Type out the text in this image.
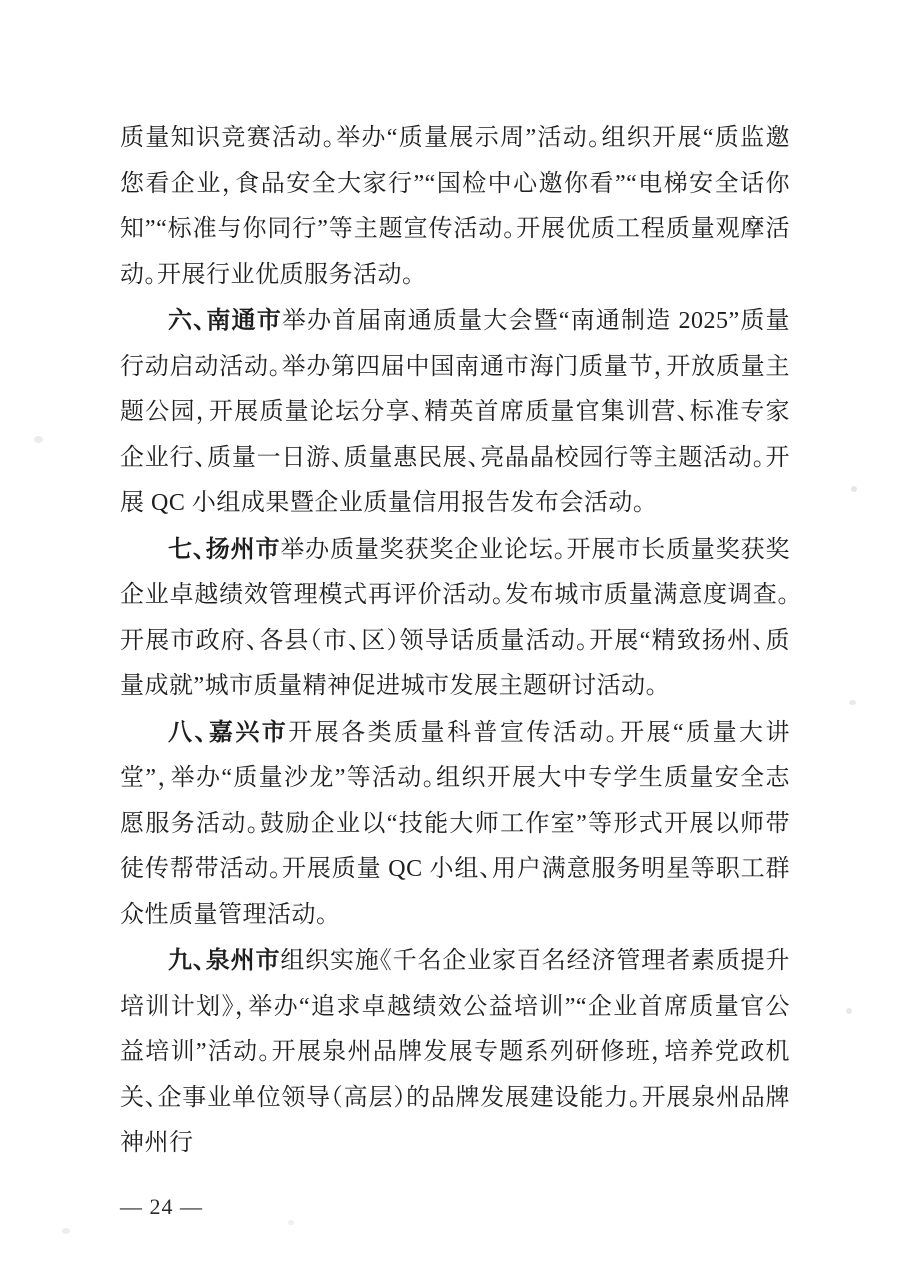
质量知识竞赛活动。举办“质量展示周”活动。组织开展“质监邀您看企业，食品安全大家行”“国检中心邀你看”“电梯安全话你知”“标准与你同行”等主题宣传活动。开展优质工程质量观摩活动。开展行业优质服务活动。

六、南通市举办首届南通质量大会暨“南通制造 2025”质量行动启动活动。举办第四届中国南通市海门质量节，开放质量主题公园，开展质量论坛分享、精英首席质量官集训营、标准专家企业行、质量一日游、质量惠民展、亮晶晶校园行等主题活动。开展 QC 小组成果暨企业质量信用报告发布会活动。

七、扬州市举办质量奖获奖企业论坛。开展市长质量奖获奖企业卓越绩效管理模式再评价活动。发布城市质量满意度调查。开展市政府、各县（市、区）领导话质量活动。开展“精致扬州、质量成就”城市质量精神促进城市发展主题研讨活动。

八、嘉兴市开展各类质量科普宣传活动。开展“质量大讲堂”，举办“质量沙龙”等活动。组织开展大中专学生质量安全志愿服务活动。鼓励企业以“技能大师工作室”等形式开展以师带徒传帮带活动。开展质量 QC 小组、用户满意服务明星等职工群众性质量管理活动。

九、泉州市组织实施《千名企业家百名经济管理者素质提升培训计划》，举办“追求卓越绩效公益培训”“企业首席质量官公益培训”活动。开展泉州品牌发展专题系列研修班，培养党政机关、企事业单位领导（高层）的品牌发展建设能力。开展泉州品牌神州行

— 24 —
